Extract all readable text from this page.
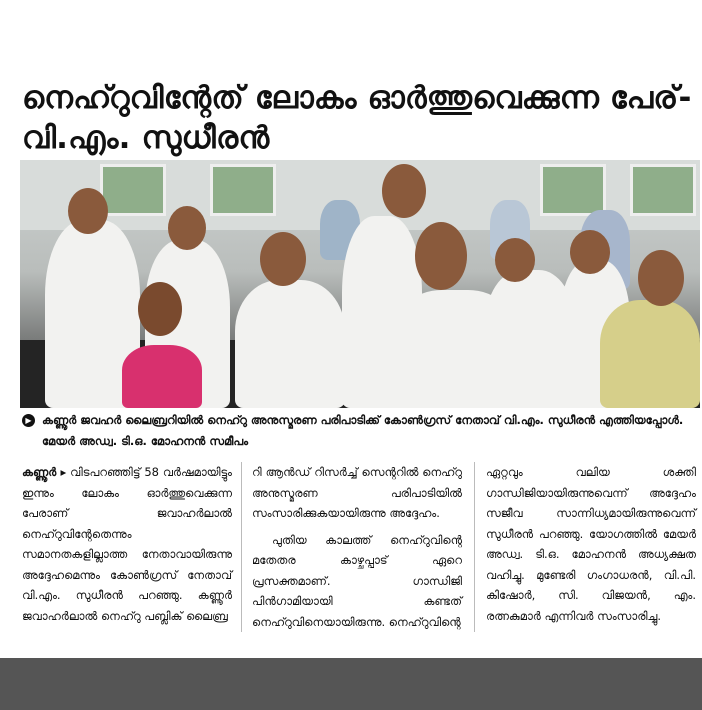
നെഹ്റുവിന്റേത് ലോകം ഓർത്തുവെക്കുന്ന പേര്- വി.എം. സുധീരൻ
▶ കണ്ണൂർ ജവഹർ ലൈബ്രറിയിൽ നെഹ്റു അനുസ്മരണ പരിപാടിക്ക് കോൺഗ്രസ് നേതാവ് വി.എം. സുധീരൻ എത്തിയപ്പോൾ. മേയർ അഡ്വ. ടി.ഒ. മോഹനൻ സമീപം
കണ്ണൂർ ▸ വിടപറഞ്ഞിട്ട് 58 വർഷമായിട്ടും ഇന്നും ലോകം ഓർത്തുവെക്കുന്ന പേരാണ് ജവാഹർലാൽ നെഹ്റുവിന്റേതെന്നും സമാനതകളില്ലാത്ത നേതാവായിരുന്നു അദ്ദേഹമെന്നും കോൺഗ്രസ് നേതാവ് വി.എം. സുധീരൻ പറഞ്ഞു. കണ്ണൂർ ജവാഹർലാൽ നെഹ്റു പബ്ലിക് ലൈബ്ര

റി ആൻഡ് റിസർച്ച് സെന്ററിൽ നെഹ്റു അനുസ്മരണ പരിപാടിയിൽ സംസാരിക്കുകയായിരുന്നു അദ്ദേഹം.

പുതിയ കാലത്ത് നെഹ്റുവിന്റെ മതേതര കാഴ്ചപ്പാട് ഏറെ പ്രസക്തമാണ്. ഗാന്ധിജി പിൻഗാമിയായി കണ്ടത് നെഹ്റുവിനെയായിരുന്നു. നെഹ്റുവിന്റെ

ഏറ്റവും വലിയ ശക്തി ഗാന്ധിജിയായിരുന്നുവെന്ന് അദ്ദേഹം സജീവ സാന്നിധ്യമായിരുന്നുവെന്ന് സുധീരൻ പറഞ്ഞു. യോഗത്തിൽ മേയർ അഡ്വ. ടി.ഒ. മോഹനൻ അധ്യക്ഷത വഹിച്ചു. മുണ്ടേരി ഗംഗാധരൻ, വി.പി. കിഷോർ, സി. വിജയൻ, എം. രത്നകുമാർ എന്നിവർ സംസാരിച്ചു.
